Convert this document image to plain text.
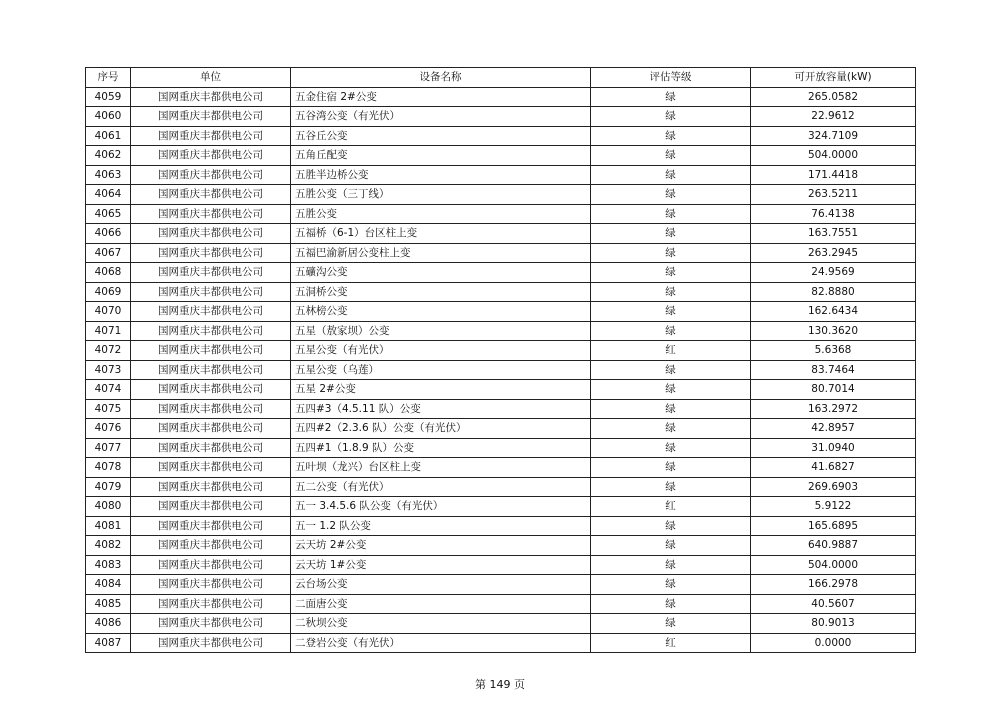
序号	单位	设备名称	评估等级	可开放容量(kW)
4059	国网重庆丰都供电公司	五金住宿 2#公变	绿	265.0582
4060	国网重庆丰都供电公司	五谷湾公变（有光伏）	绿	22.9612
4061	国网重庆丰都供电公司	五谷丘公变	绿	324.7109
4062	国网重庆丰都供电公司	五角丘配变	绿	504.0000
4063	国网重庆丰都供电公司	五胜半边桥公变	绿	171.4418
4064	国网重庆丰都供电公司	五胜公变（三丁线）	绿	263.5211
4065	国网重庆丰都供电公司	五胜公变	绿	76.4138
4066	国网重庆丰都供电公司	五福桥（6-1）台区柱上变	绿	163.7551
4067	国网重庆丰都供电公司	五福巴渝新居公变柱上变	绿	263.2945
4068	国网重庆丰都供电公司	五礦沟公变	绿	24.9569
4069	国网重庆丰都供电公司	五洞桥公变	绿	82.8880
4070	国网重庆丰都供电公司	五林榜公变	绿	162.6434
4071	国网重庆丰都供电公司	五星（敖家坝）公变	绿	130.3620
4072	国网重庆丰都供电公司	五星公变（有光伏）	红	5.6368
4073	国网重庆丰都供电公司	五星公变（乌莲）	绿	83.7464
4074	国网重庆丰都供电公司	五星 2#公变	绿	80.7014
4075	国网重庆丰都供电公司	五四#3（4.5.11 队）公变	绿	163.2972
4076	国网重庆丰都供电公司	五四#2（2.3.6 队）公变（有光伏）	绿	42.8957
4077	国网重庆丰都供电公司	五四#1（1.8.9 队）公变	绿	31.0940
4078	国网重庆丰都供电公司	五叶坝（龙兴）台区柱上变	绿	41.6827
4079	国网重庆丰都供电公司	五二公变（有光伏）	绿	269.6903
4080	国网重庆丰都供电公司	五一 3.4.5.6 队公变（有光伏）	红	5.9122
4081	国网重庆丰都供电公司	五一 1.2 队公变	绿	165.6895
4082	国网重庆丰都供电公司	云天坊 2#公变	绿	640.9887
4083	国网重庆丰都供电公司	云天坊 1#公变	绿	504.0000
4084	国网重庆丰都供电公司	云台场公变	绿	166.2978
4085	国网重庆丰都供电公司	二面唐公变	绿	40.5607
4086	国网重庆丰都供电公司	二秋坝公变	绿	80.9013
4087	国网重庆丰都供电公司	二登岩公变（有光伏）	红	0.0000
第 149 页
